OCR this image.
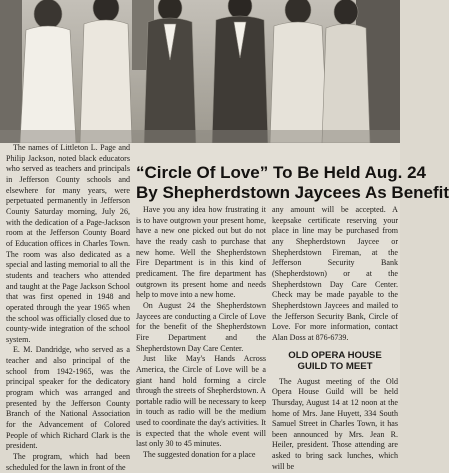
The names of Littleton L. Page and Philip Jackson, noted black educators who served as teachers and principals in Jefferson County schools and elsewhere for many years, were perpetuated permanently in Jefferson County Saturday morning, July 26, with the dedication of a Page-Jackson room at the Jefferson County Board of Education offices in Charles Town. The room was also dedicated as a special and lasting memorial to all the students and teachers who attended and taught at the Page Jackson School that was first opened in 1948 and operated through the year 1965 when the school was officially closed due to county-wide integration of the school system.

E. M. Dandridge, who served as a teacher and also principal of the school from 1942-1965, was the principal speaker for the dedicatory program which was arranged and presented by the Jefferson County Branch of the National Association for the Advancement of Colored People of which Richard Clark is the president.

The program, which had been scheduled for the lawn in front of the

“Circle Of Love” To Be Held Aug. 24
By Shepherdstown Jaycees As Benefit

Have you any idea how frustrating it is to have outgrown your present home, have a new one picked out but do not have the ready cash to purchase that new home. Well the Shepherdstown Fire Department is in this kind of predicament. The fire department has outgrown its present home and needs help to move into a new home.

On August 24 the Shepherdstown Jaycees are conducting a Circle of Love for the benefit of the Shepherdstown Fire Department and the Shepherdstown Day Care Center.

Just like May's Hands Across America, the Circle of Love will be a giant hand hold forming a circle through the streets of Shepherdstown. A portable radio will be necessary to keep in touch as radio will be the medium used to coordinate the day's activities. It is expected that the whole event will last only 30 to 45 minutes.

The suggested donation for a place

any amount will be accepted. A keepsake certificate reserving your place in line may be purchased from any Shepherdstown Jaycee or Shepherdstown Fireman, at the Jefferson Security Bank (Shepherdstown) or at the Shepherdstown Day Care Center. Check may be made payable to the Shepherdstown Jaycees and mailed to the Jefferson Security Bank, Circle of Love. For more information, contact Alan Doss at 876-6739.

OLD OPERA HOUSE
GUILD TO MEET

The August meeting of the Old Opera House Guild will be held Thursday, August 14 at 12 noon at the home of Mrs. Jane Huyett, 334 South Samuel Street in Charles Town, it has been announced by Mrs. Jean R. Heiler, president. Those attending are asked to bring sack lunches, which will be
